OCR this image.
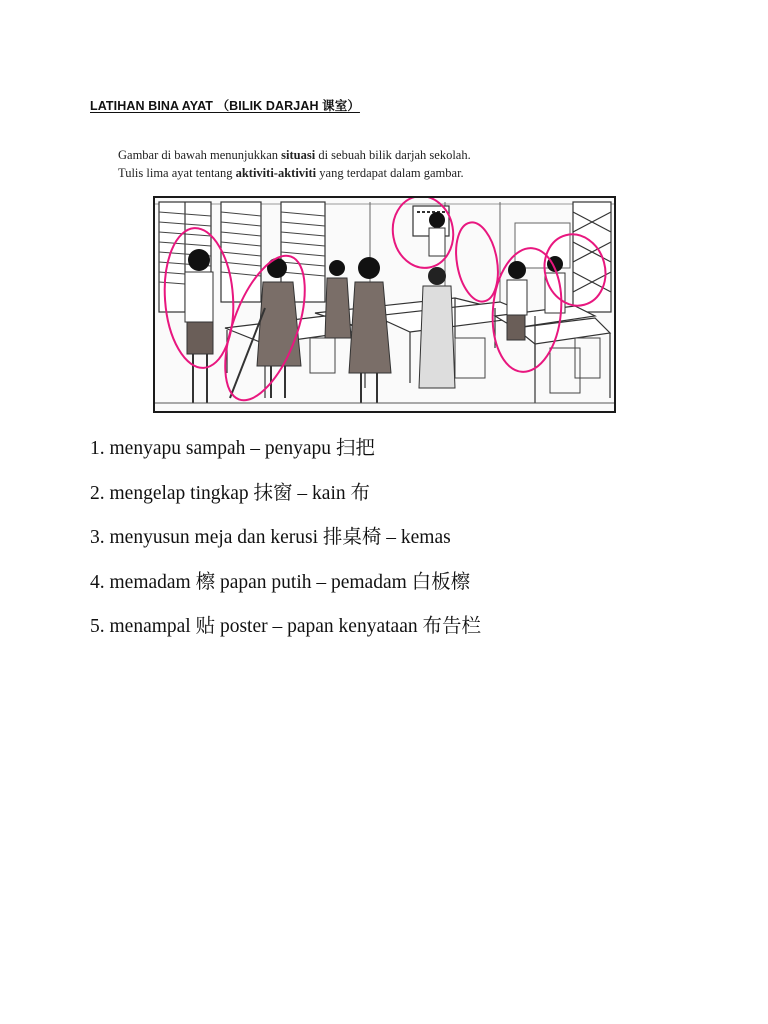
LATIHAN BINA AYAT （BILIK DARJAH 课室）
Gambar di bawah menunjukkan situasi di sebuah bilik darjah sekolah.
Tulis lima ayat tentang aktiviti-aktiviti yang terdapat dalam gambar.
1. menyapu sampah – penyapu 扫把
2. mengelap tingkap 抹窗 – kain 布
3. menyusun meja dan kerusi 排桌椅 – kemas
4. memadam 檫 papan putih – pemadam 白板檫
5. menampal 贴 poster – papan kenyataan 布告栏
